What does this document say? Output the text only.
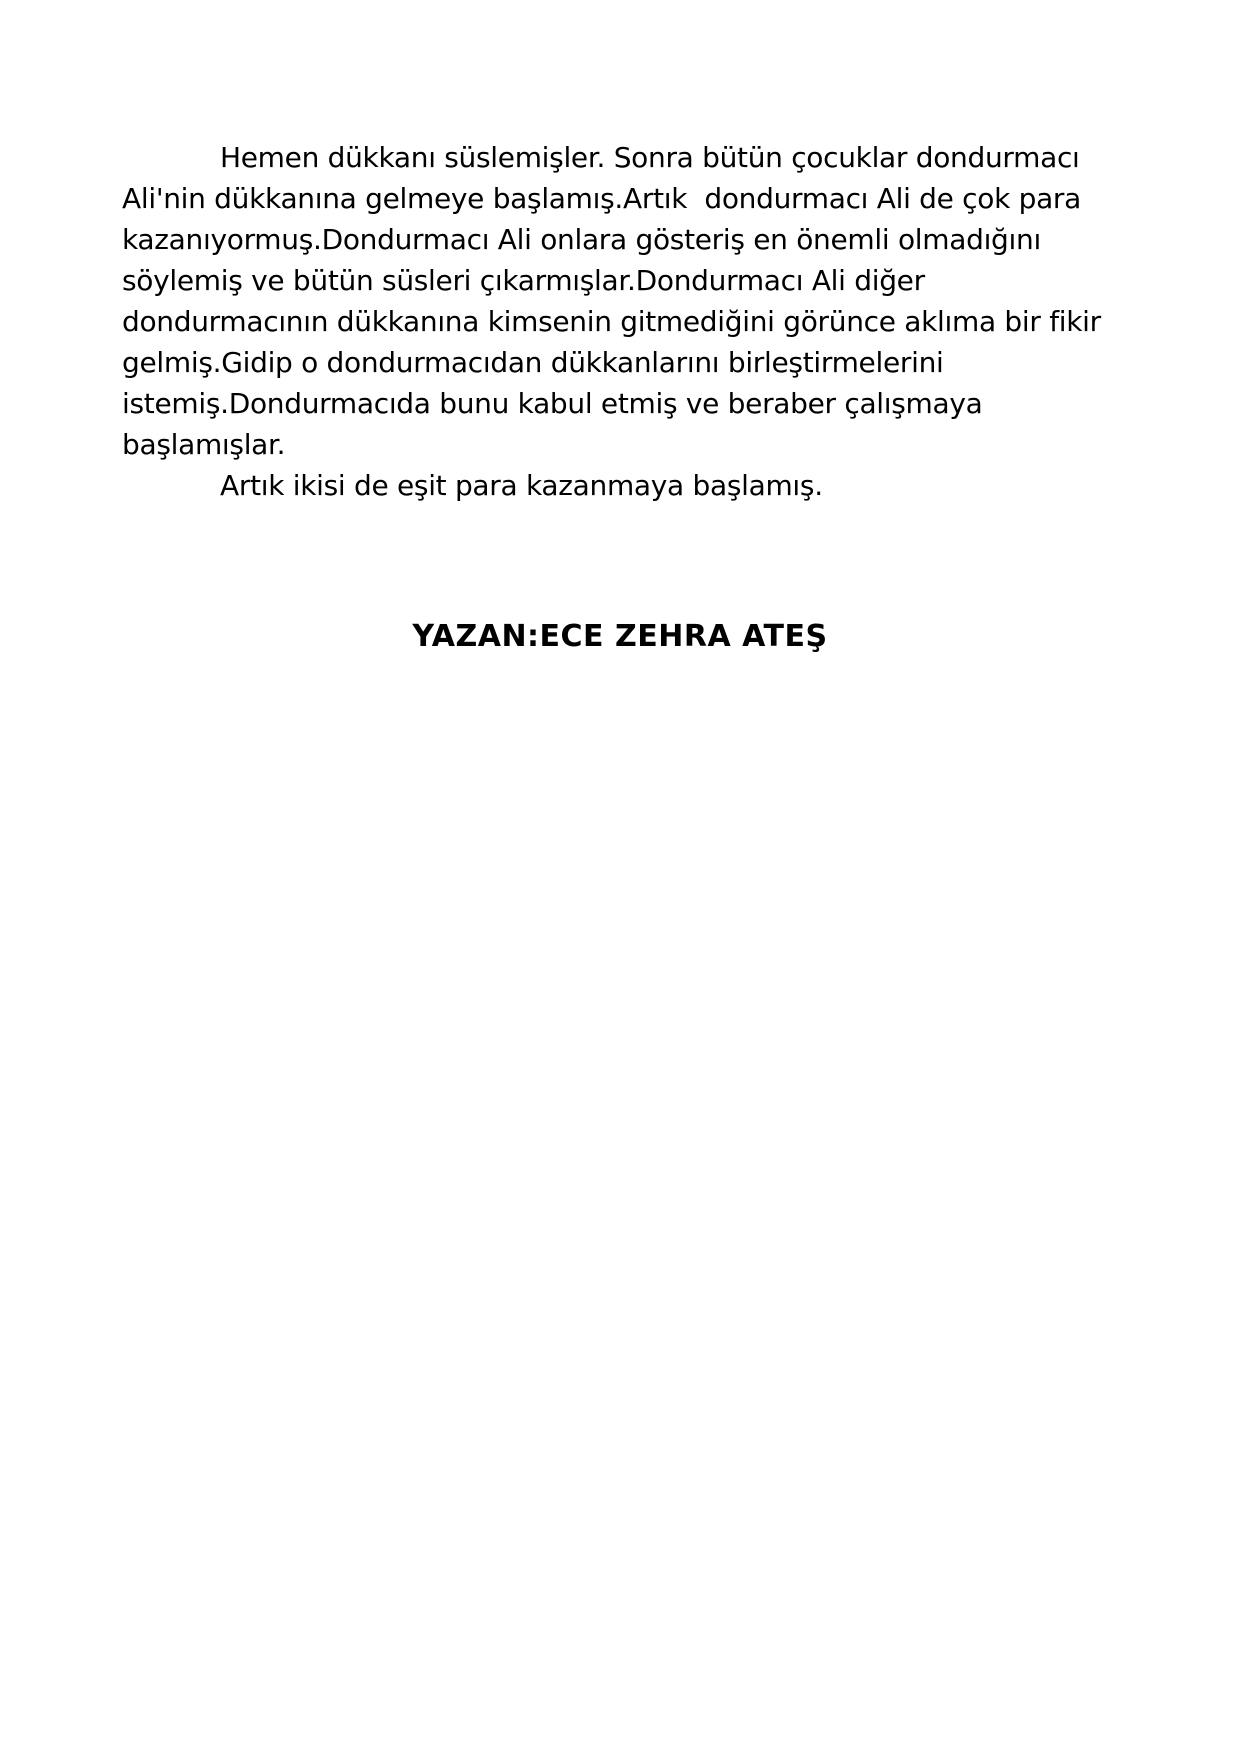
Hemen dükkanı süslemişler. Sonra bütün çocuklar dondurmacı
Ali'nin dükkanına gelmeye başlamış.Artık  dondurmacı Ali de çok para
kazanıyormuş.Dondurmacı Ali onlara gösteriş en önemli olmadığını
söylemiş ve bütün süsleri çıkarmışlar.Dondurmacı Ali diğer
dondurmacının dükkanına kimsenin gitmediğini görünce aklıma bir fikir
gelmiş.Gidip o dondurmacıdan dükkanlarını birleştirmelerini
istemiş.Dondurmacıda bunu kabul etmiş ve beraber çalışmaya
başlamışlar.
Artık ikisi de eşit para kazanmaya başlamış.
YAZAN:ECE ZEHRA ATEŞ
